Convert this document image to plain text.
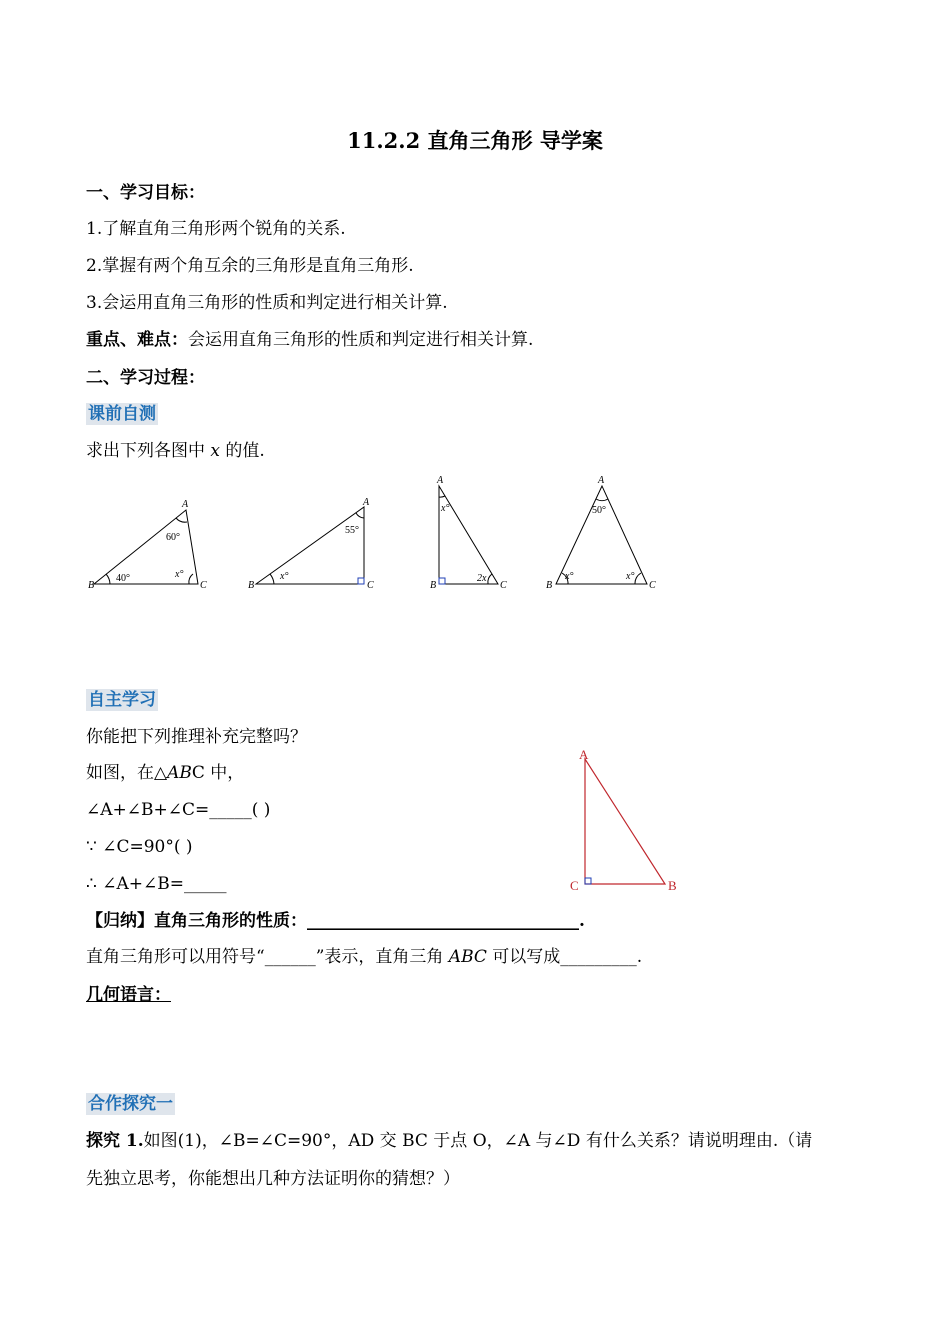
11.2.2 直角三角形 导学案
一、学习目标：
1.了解直角三角形两个锐角的关系.
2.掌握有两个角互余的三角形是直角三角形.
3.会运用直角三角形的性质和判定进行相关计算.
重点、难点：会运用直角三角形的性质和判定进行相关计算.
二、学习过程：
课前自测
求出下列各图中 x 的值.
A
B	C
60°
40°	x°
A
B	C
55°
x°
A
B	C
x°
2x
A
B	C
50°
x°	x°
自主学习
你能把下列推理补充完整吗？
如图，在△ABC 中，
∠A+∠B+∠C=_____( )
∵ ∠C=90°( )
∴ ∠A+∠B=_____
A
C	B
【归纳】直角三角形的性质：________________________________.
直角三角形可以用符号“______”表示，直角三角 ABC 可以写成_________.
几何语言：
合作探究一
探究 1.如图(1)，∠B=∠C=90°，AD 交 BC 于点 O，∠A 与∠D 有什么关系？请说明理由.（请
先独立思考，你能想出几种方法证明你的猜想？）
